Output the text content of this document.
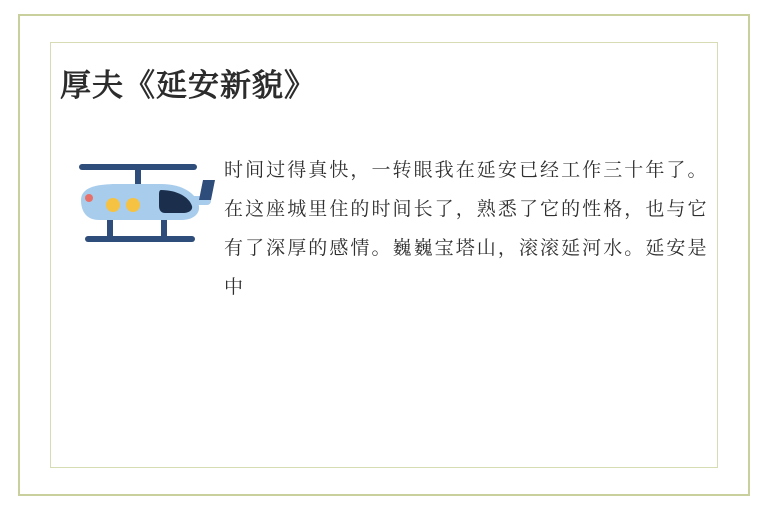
厚夫《延安新貌》
时间过得真快，一转眼我在延安已经工作三十年了。在这座城里住的时间长了，熟悉了它的性格，也与它有了深厚的感情。巍巍宝塔山，滚滚延河水。延安是中
